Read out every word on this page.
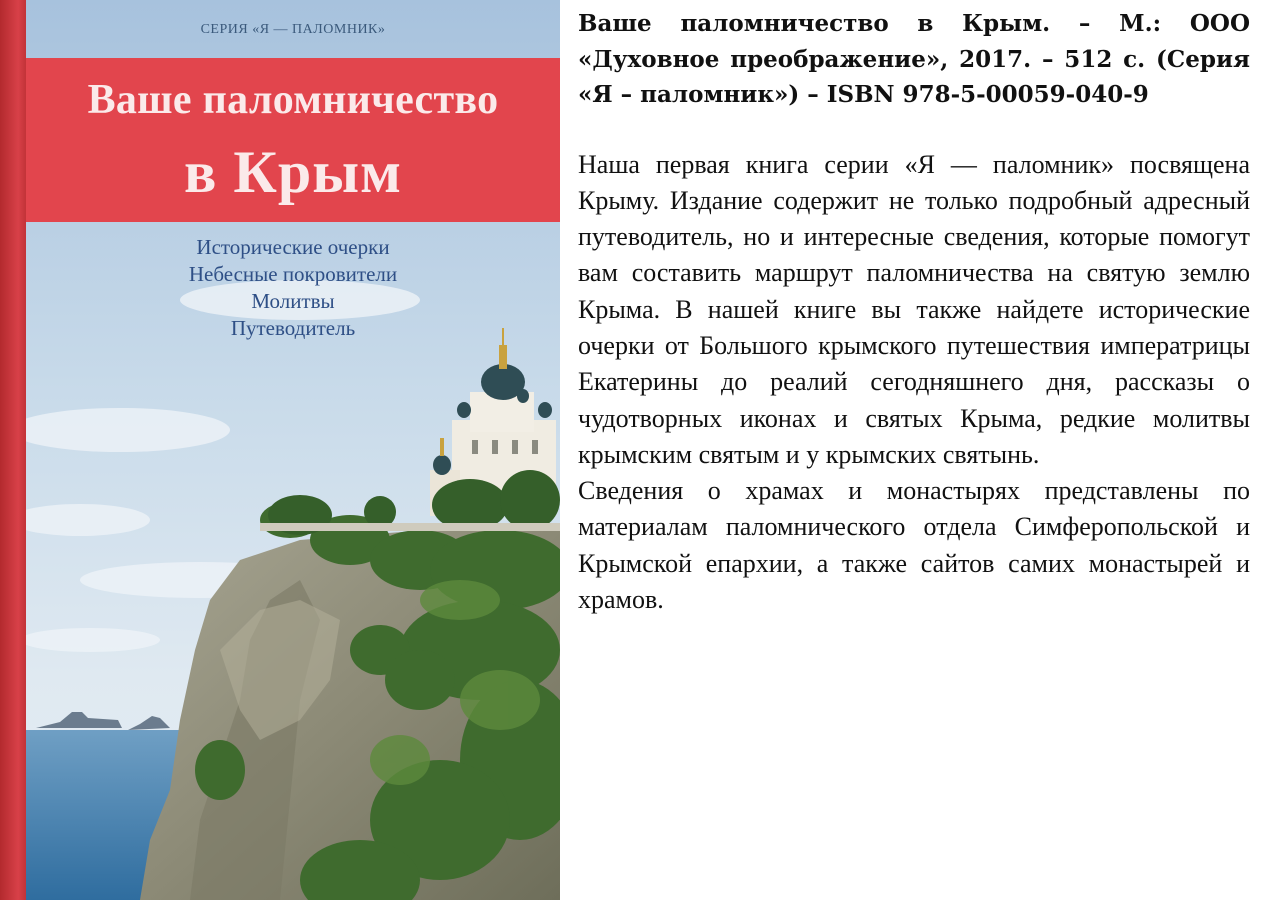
СЕРИЯ «Я — ПАЛОМНИК»
Ваше паломничество
в Крым
Исторические очерки
Небесные покровители
Молитвы
Путеводитель

Ваше паломничество в Крым. – М.: ООО «Духовное преображение», 2017. – 512 с. (Серия «Я – паломник») – ISBN 978-5-00059-040-9

Наша первая книга серии «Я — паломник» посвящена Крыму. Издание содержит не только подробный адресный путеводитель, но и интересные сведения, которые помогут вам составить маршрут паломничества на святую землю Крыма. В нашей книге вы также найдете исторические очерки от Большого крымского путешествия императрицы Екатерины до реалий сегодняшнего дня, рассказы о чудотворных иконах и святых Крыма, редкие молитвы крымским святым и у крымских святынь.

Сведения о храмах и монастырях представлены по материалам паломнического отдела Симферопольской и Крымской епархии, а также сайтов самих монастырей и храмов.
